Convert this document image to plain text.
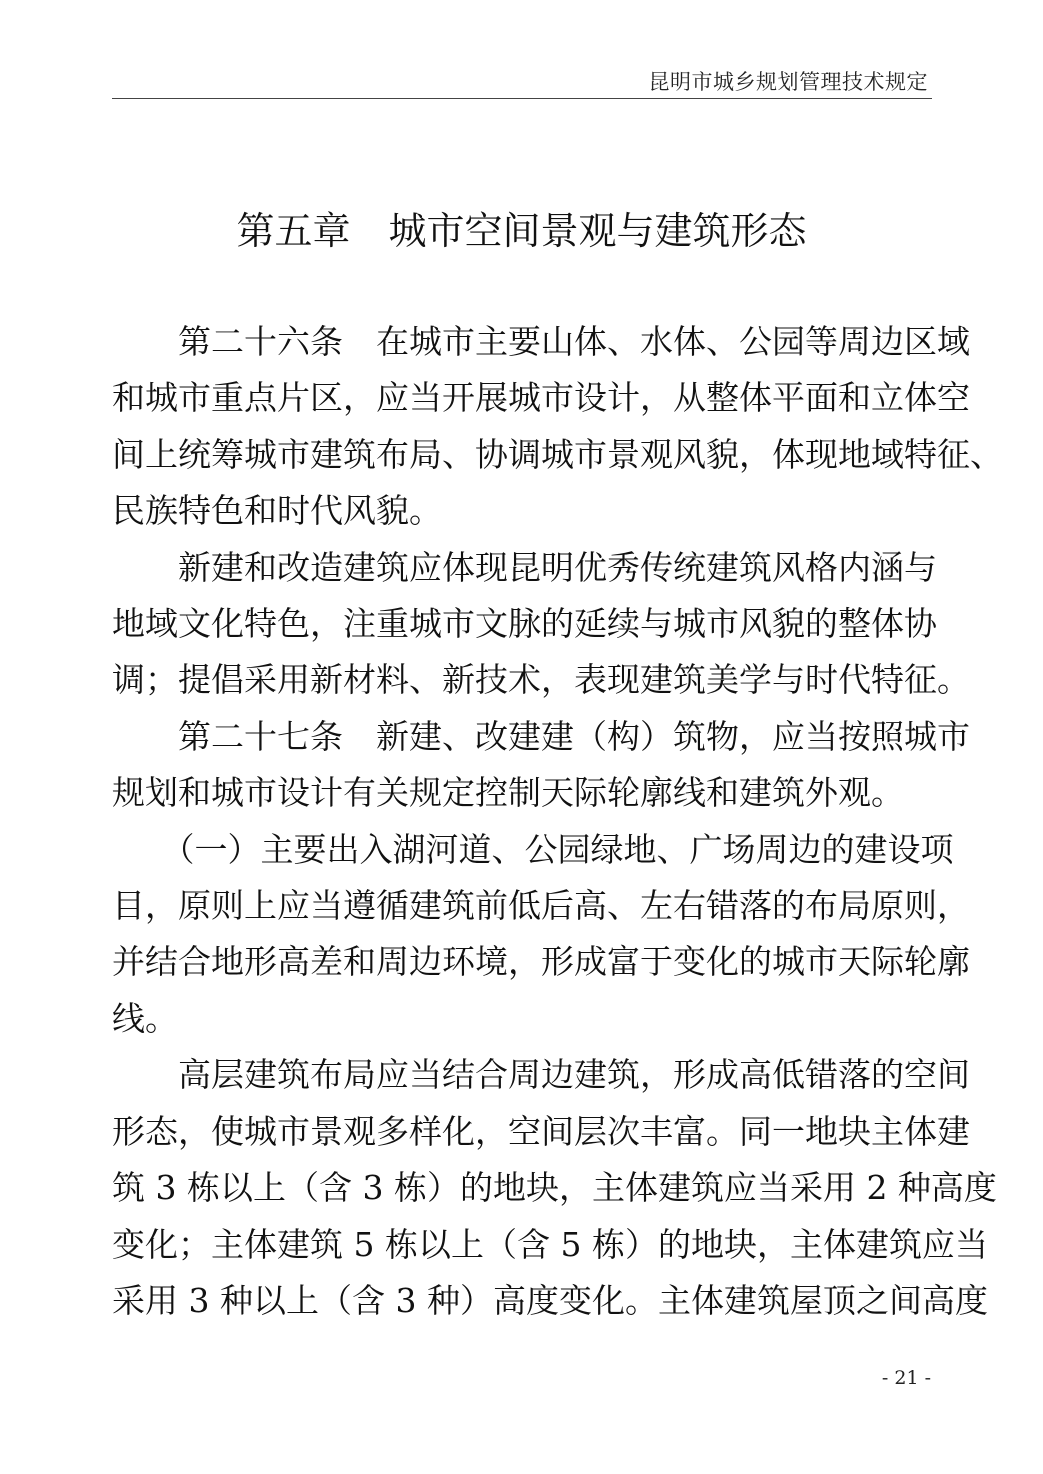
昆明市城乡规划管理技术规定
第五章　城市空间景观与建筑形态

　　第二十六条　在城市主要山体、水体、公园等周边区域

和城市重点片区，应当开展城市设计，从整体平面和立体空

间上统筹城市建筑布局、协调城市景观风貌，体现地域特征、

民族特色和时代风貌。

　　新建和改造建筑应体现昆明优秀传统建筑风格内涵与

地域文化特色，注重城市文脉的延续与城市风貌的整体协

调；提倡采用新材料、新技术，表现建筑美学与时代特征。

　　第二十七条　新建、改建建（构）筑物，应当按照城市

规划和城市设计有关规定控制天际轮廓线和建筑外观。

　　（一）主要出入湖河道、公园绿地、广场周边的建设项

目，原则上应当遵循建筑前低后高、左右错落的布局原则，

并结合地形高差和周边环境，形成富于变化的城市天际轮廓

线。

　　高层建筑布局应当结合周边建筑，形成高低错落的空间

形态，使城市景观多样化，空间层次丰富。同一地块主体建

筑 3 栋以上（含 3 栋）的地块，主体建筑应当采用 2 种高度

变化；主体建筑 5 栋以上（含 5 栋）的地块，主体建筑应当

采用 3 种以上（含 3 种）高度变化。主体建筑屋顶之间高度

- 21 -
